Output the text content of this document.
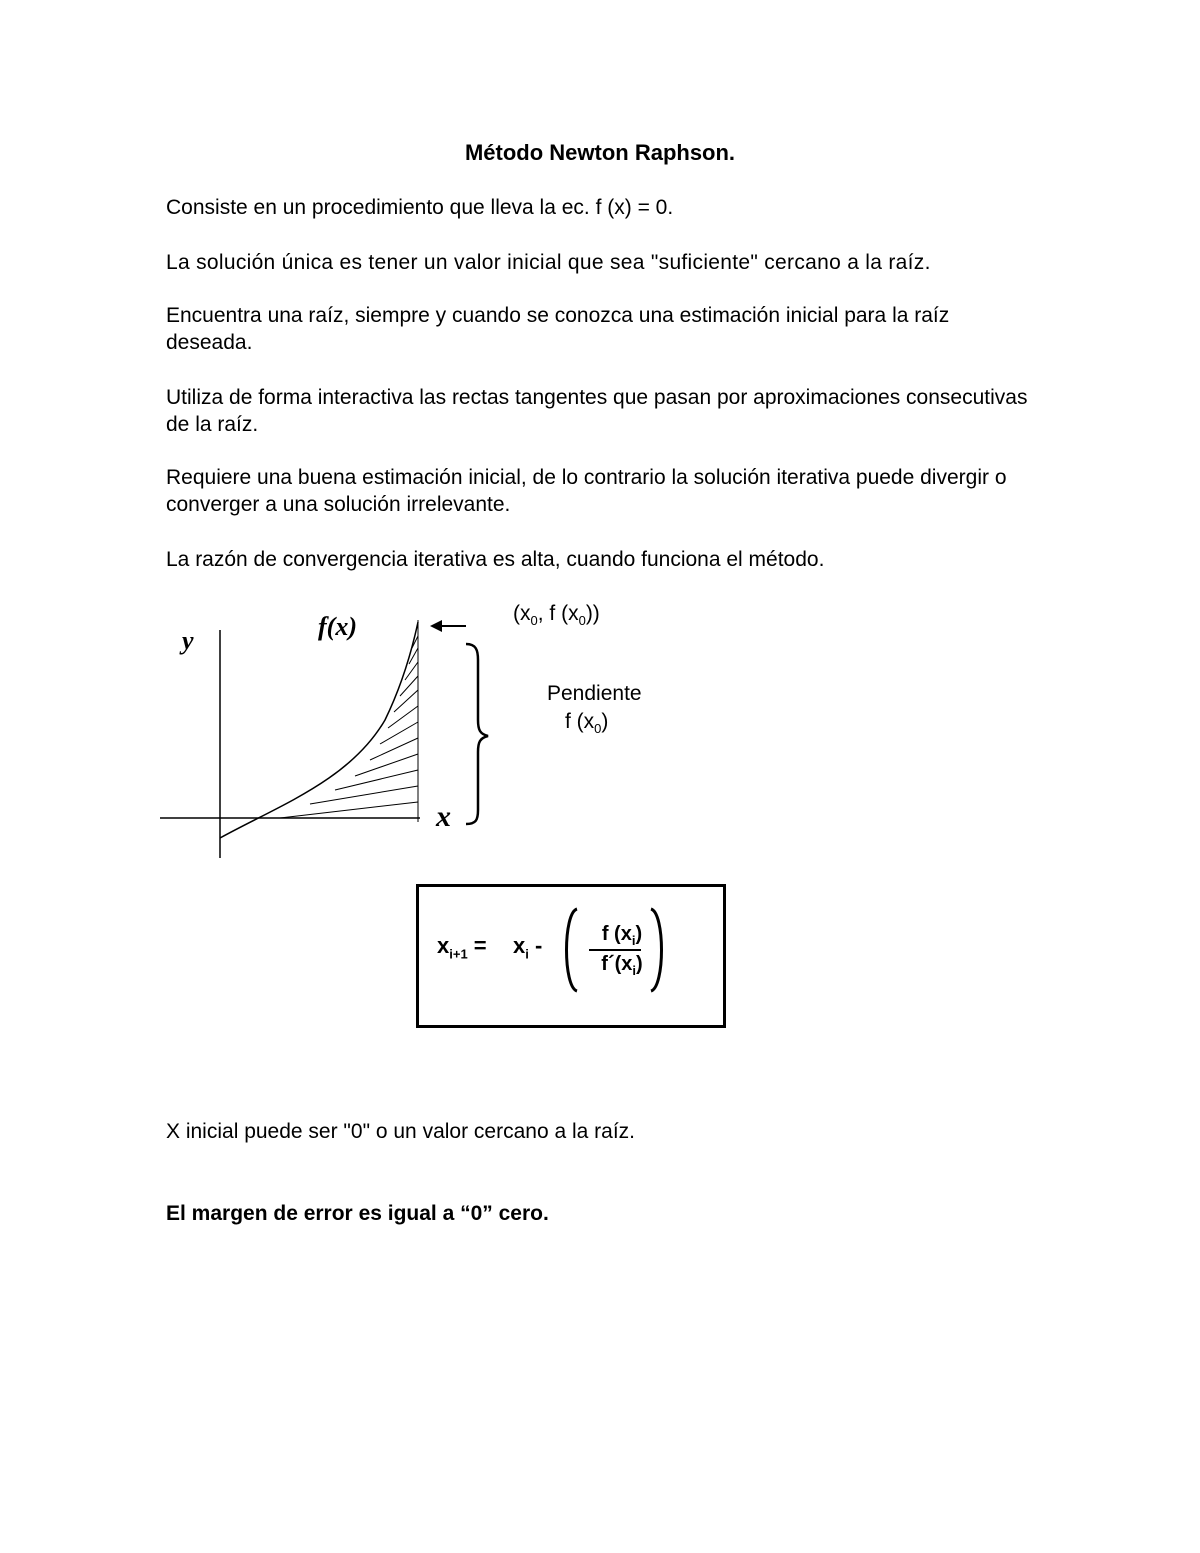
Método Newton Raphson.
Consiste en un procedimiento que lleva la ec. f (x) = 0.
La solución única es tener un valor inicial que sea "suficiente" cercano a la raíz.
Encuentra una raíz, siempre y cuando se conozca una estimación inicial para la raíz deseada.
Utiliza de forma interactiva las rectas tangentes que pasan por aproximaciones consecutivas de la raíz.
Requiere una buena estimación inicial, de lo contrario la solución iterativa puede divergir o converger a una solución irrelevante.
La razón de convergencia iterativa es alta, cuando funciona el método.
y	f(x)
x
($x_0$, f $(x_0)$)
Pendiente
f $(x_0)$
$x_{i+1} = x_i$ -	f $(x_i)$
$f´(x_i)$
X inicial puede ser "0" o un valor cercano a la raíz.
El margen de error es igual a “0” cero.
